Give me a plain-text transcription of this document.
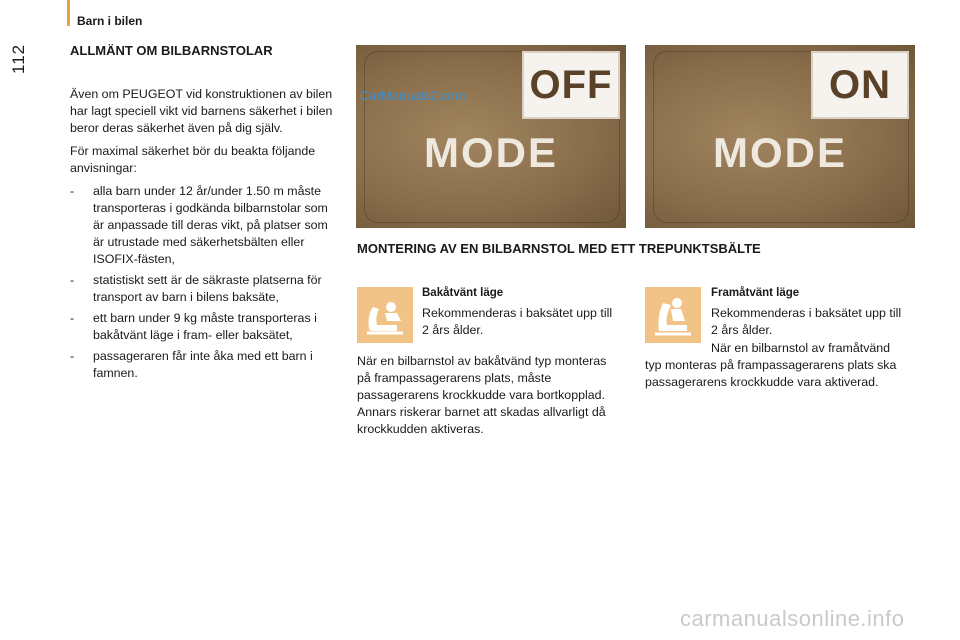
Barn i bilen
112	ALLMÄNT OM BILBARNSTOLAR

Även om PEUGEOT vid konstruktionen av bilen har lagt speciell vikt vid barnens säkerhet i bilen beror deras säkerhet även på dig själv.

För maximal säkerhet bör du beakta följande anvisningar:

- alla barn under 12 år/under 1.50 m måste transporteras i godkända bilbarnstolar som är anpassade till deras vikt, på platser som är utrustade med säkerhetsbälten eller ISOFIX-fästen,
- statistiskt sett är de säkraste platserna för transport av barn i bilens baksäte,
- ett barn under 9 kg måste transporteras i bakåtvänt läge i fram- eller baksätet,
- passageraren får inte åka med ett barn i famnen.
OFF
MODE
ON
MODE
CarManuals2.com
MONTERING AV EN BILBARNSTOL MED ETT TREPUNKTSBÄLTE
Bakåtvänt läge
Rekommenderas i baksätet upp till 2 års ålder.
När en bilbarnstol av bakåtvänd typ monteras på frampassagerarens plats, måste passagerarens krockkudde vara bortkopplad. Annars riskerar barnet att skadas allvarligt då krockkudden aktiveras.
Framåtvänt läge
Rekommenderas i baksätet upp till 2 års ålder.
När en bilbarnstol av framåtvänd
typ monteras på frampassagerarens plats ska passagerarens krockkudde vara aktiverad.
carmanualsonline.info
